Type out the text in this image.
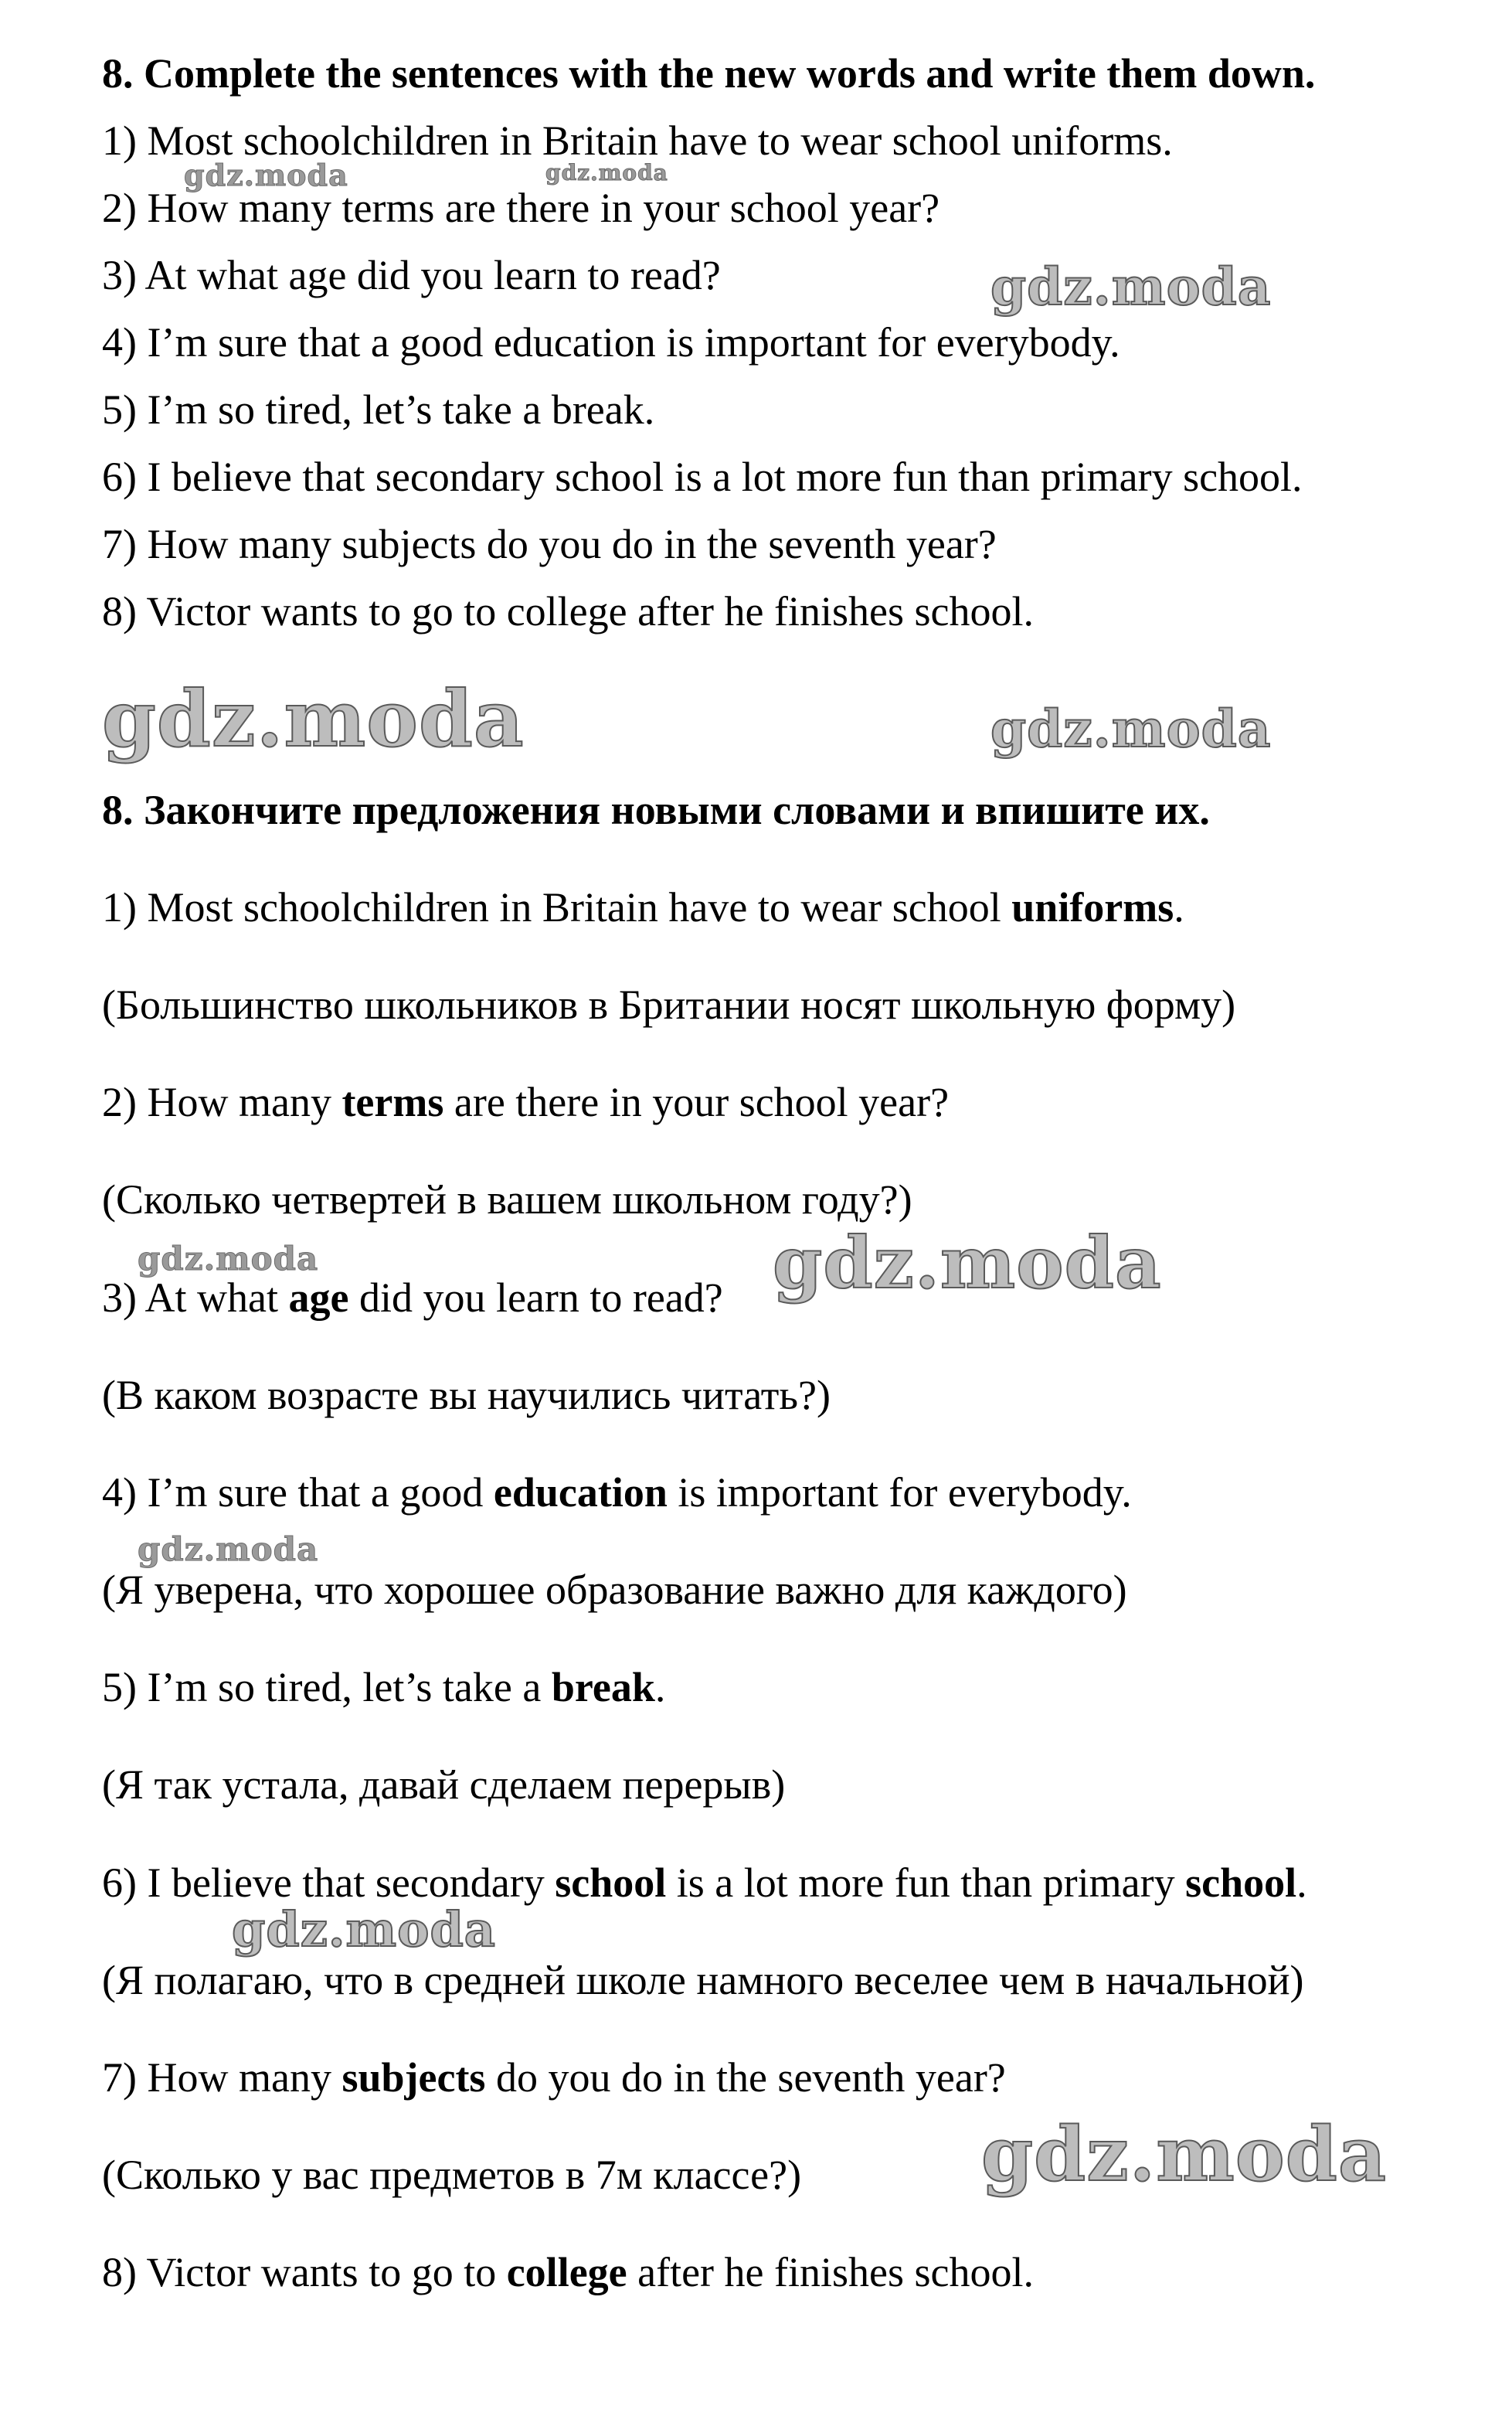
gdz.moda	gdz.moda
gdz.moda
gdz.moda	gdz.moda
gdz.moda	gdz.moda
gdz.moda
gdz.moda
gdz.moda
8. Complete the sentences with the new words and write them down.
1) Most schoolchildren in Britain have to wear school uniforms.
2) How many terms are there in your school year?
3) At what age did you learn to read?
4) I’m sure that a good education is important for everybody.
5) I’m so tired, let’s take a break.
6) I believe that secondary school is a lot more fun than primary school.
7) How many subjects do you do in the seventh year?
8) Victor wants to go to college after he finishes school.
8. Закончите предложения новыми словами и впишите их.
1) Most schoolchildren in Britain have to wear school uniforms.
(Большинство школьников в Британии носят школьную форму)
2) How many terms are there in your school year?
(Сколько четвертей в вашем школьном году?)
3) At what age did you learn to read?
(В каком возрасте вы научились читать?)
4) I’m sure that a good education is important for everybody.
(Я уверена, что хорошее образование важно для каждого)
5) I’m so tired, let’s take a break.
(Я так устала, давай сделаем перерыв)
6) I believe that secondary school is a lot more fun than primary school.
(Я полагаю, что в средней школе намного веселее чем в начальной)
7) How many subjects do you do in the seventh year?
(Сколько у вас предметов в 7м классе?)
8) Victor wants to go to college after he finishes school.
